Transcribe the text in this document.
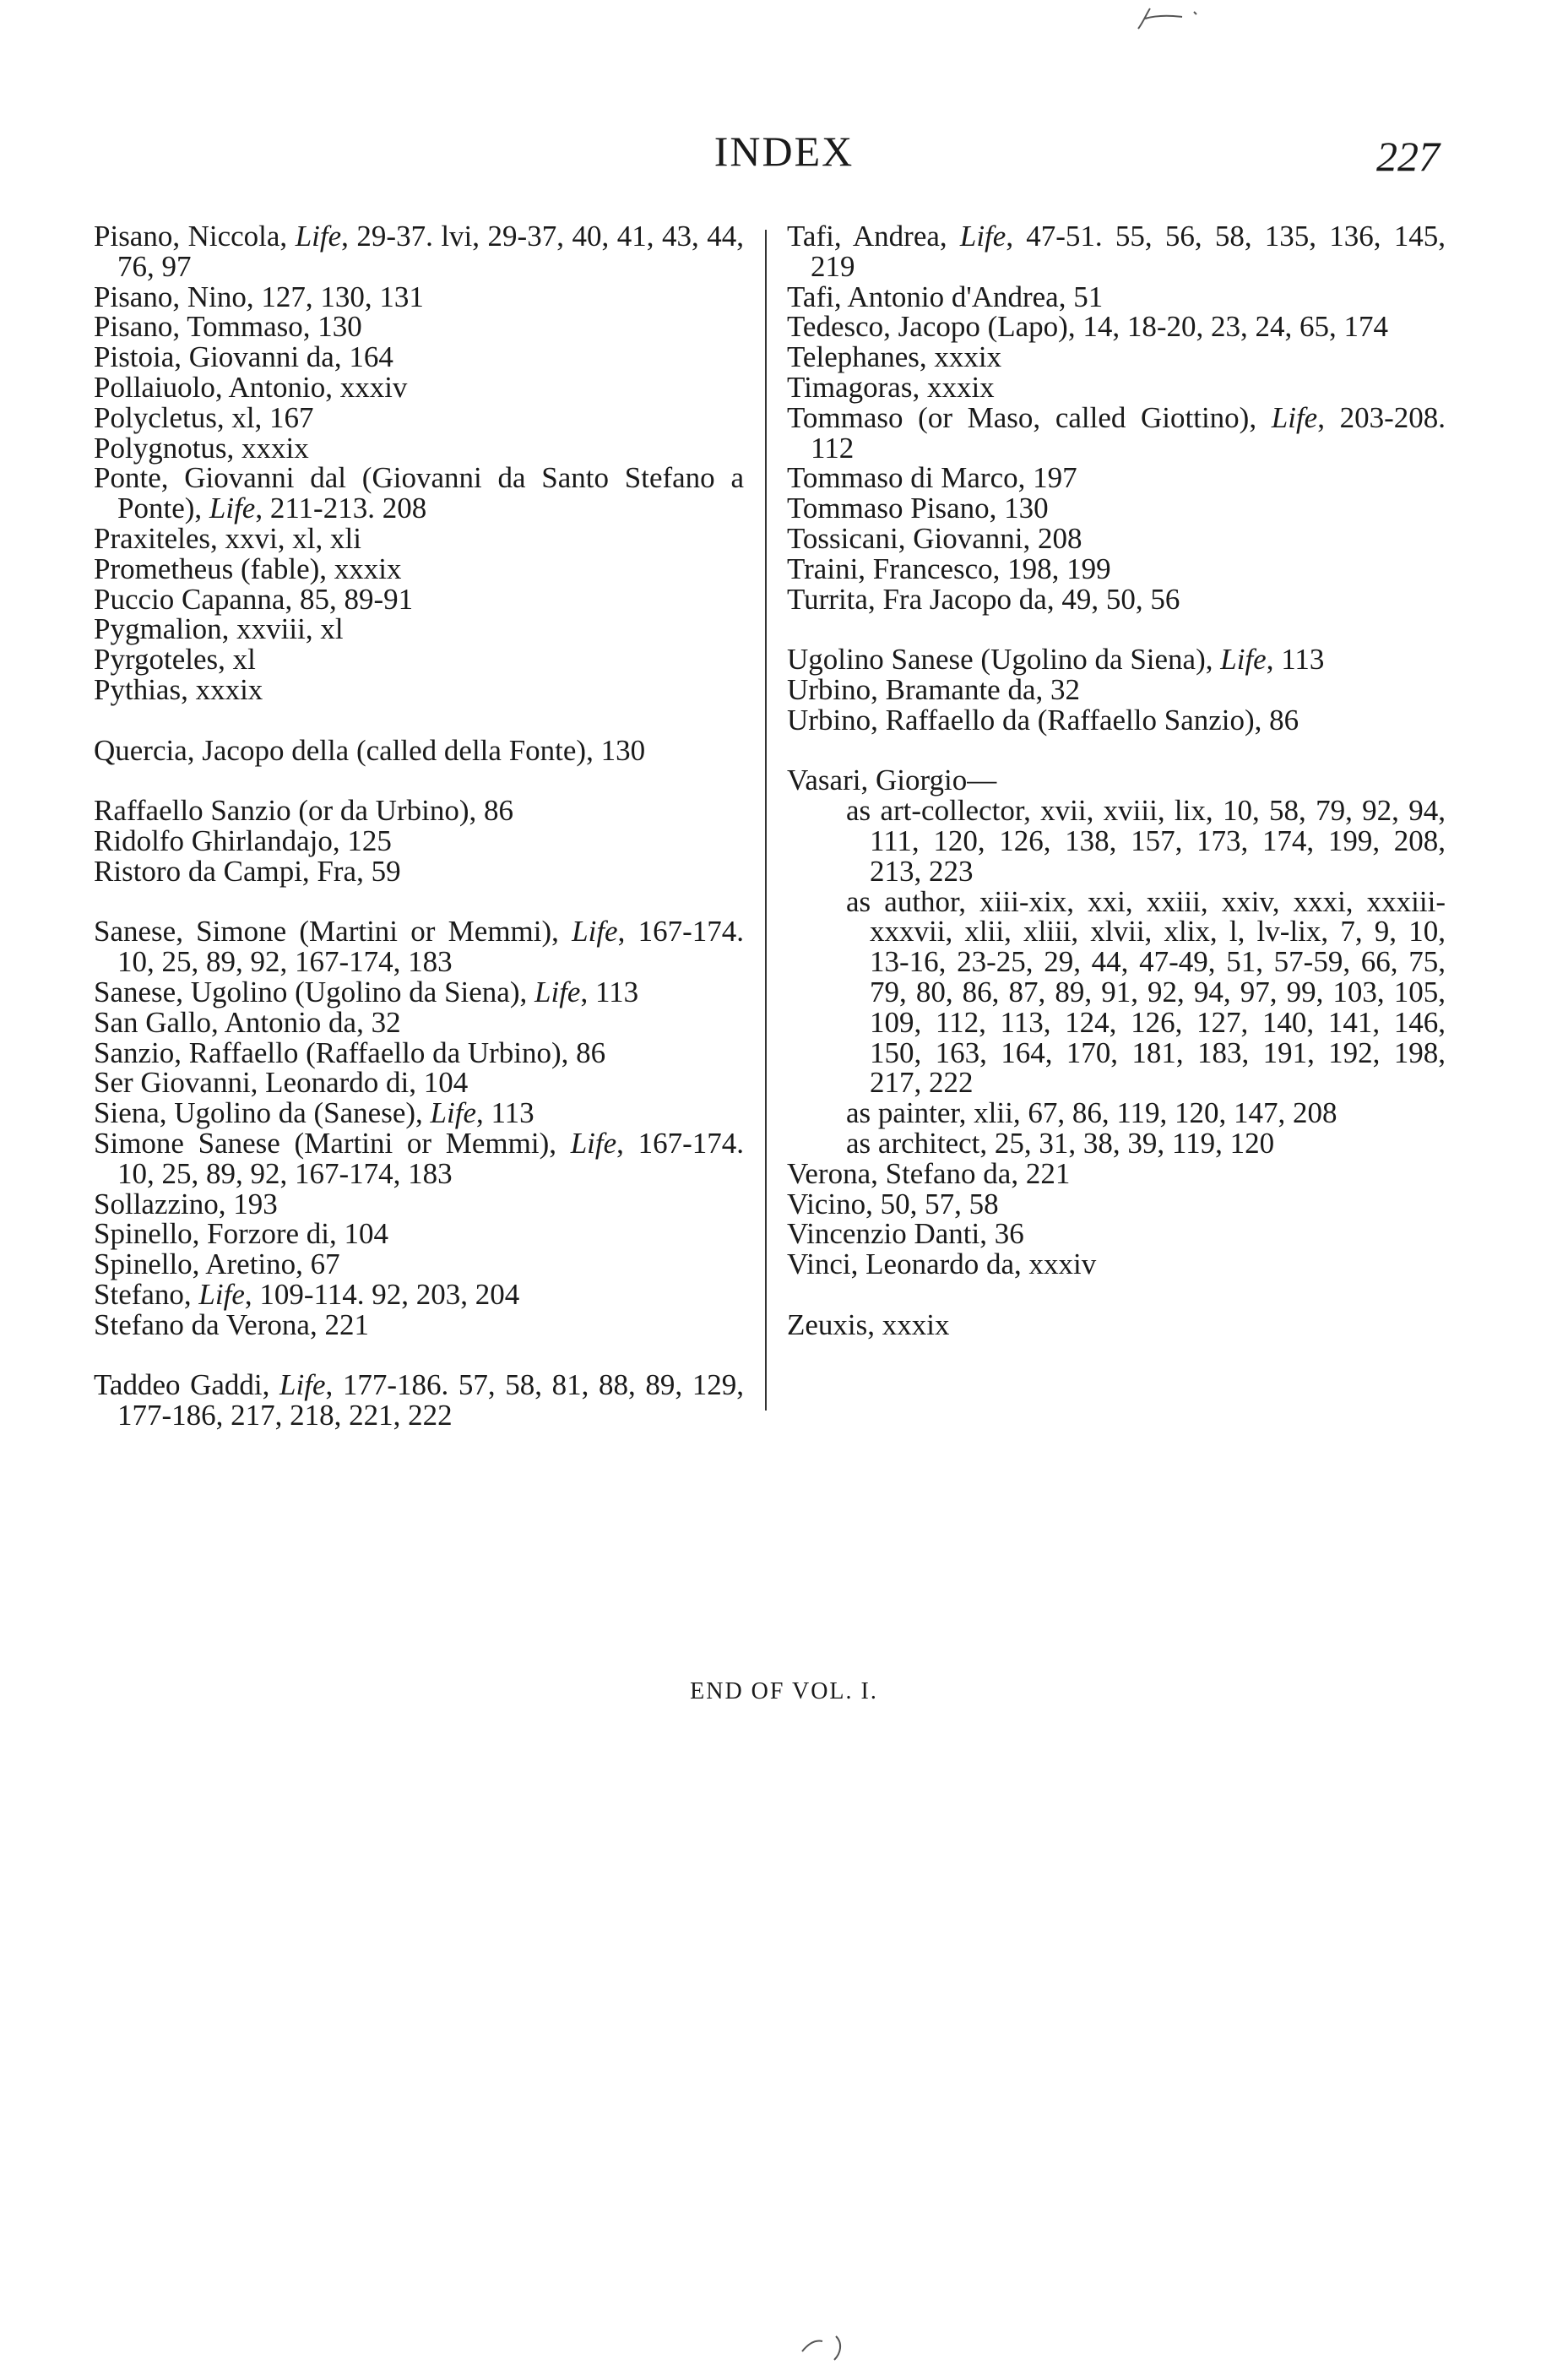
INDEX	227

Pisano, Niccola, Life, 29-37. lvi, 29-37, 40, 41, 43, 44, 76, 97

Pisano, Nino, 127, 130, 131

Pisano, Tommaso, 130

Pistoia, Giovanni da, 164

Pollaiuolo, Antonio, xxxiv

Polycletus, xl, 167

Polygnotus, xxxix

Ponte, Giovanni dal (Giovanni da Santo Stefano a Ponte), Life, 211-213. 208

Praxiteles, xxvi, xl, xli

Prometheus (fable), xxxix

Puccio Capanna, 85, 89-91

Pygmalion, xxviii, xl

Pyrgoteles, xl

Pythias, xxxix

Quercia, Jacopo della (called della Fonte), 130

Raffaello Sanzio (or da Urbino), 86

Ridolfo Ghirlandajo, 125

Ristoro da Campi, Fra, 59

Sanese, Simone (Martini or Memmi), Life, 167-174. 10, 25, 89, 92, 167-174, 183

Sanese, Ugolino (Ugolino da Siena), Life, 113

San Gallo, Antonio da, 32

Sanzio, Raffaello (Raffaello da Urbino), 86

Ser Giovanni, Leonardo di, 104

Siena, Ugolino da (Sanese), Life, 113

Simone Sanese (Martini or Memmi), Life, 167-174. 10, 25, 89, 92, 167-174, 183

Sollazzino, 193

Spinello, Forzore di, 104

Spinello, Aretino, 67

Stefano, Life, 109-114. 92, 203, 204

Stefano da Verona, 221

Taddeo Gaddi, Life, 177-186. 57, 58, 81, 88, 89, 129, 177-186, 217, 218, 221, 222

Tafi, Andrea, Life, 47-51. 55, 56, 58, 135, 136, 145, 219

Tafi, Antonio d'Andrea, 51

Tedesco, Jacopo (Lapo), 14, 18-20, 23, 24, 65, 174

Telephanes, xxxix

Timagoras, xxxix

Tommaso (or Maso, called Giottino), Life, 203-208. 112

Tommaso di Marco, 197

Tommaso Pisano, 130

Tossicani, Giovanni, 208

Traini, Francesco, 198, 199

Turrita, Fra Jacopo da, 49, 50, 56

Ugolino Sanese (Ugolino da Siena), Life, 113

Urbino, Bramante da, 32

Urbino, Raffaello da (Raffaello Sanzio), 86

Vasari, Giorgio—

as art-collector, xvii, xviii, lix, 10, 58, 79, 92, 94, 111, 120, 126, 138, 157, 173, 174, 199, 208, 213, 223

as author, xiii-xix, xxi, xxiii, xxiv, xxxi, xxxiii-xxxvii, xlii, xliii, xlvii, xlix, l, lv-lix, 7, 9, 10, 13-16, 23-25, 29, 44, 47-49, 51, 57-59, 66, 75, 79, 80, 86, 87, 89, 91, 92, 94, 97, 99, 103, 105, 109, 112, 113, 124, 126, 127, 140, 141, 146, 150, 163, 164, 170, 181, 183, 191, 192, 198, 217, 222

as painter, xlii, 67, 86, 119, 120, 147, 208

as architect, 25, 31, 38, 39, 119, 120

Verona, Stefano da, 221

Vicino, 50, 57, 58

Vincenzio Danti, 36

Vinci, Leonardo da, xxxiv

Zeuxis, xxxix

END OF VOL. I.
